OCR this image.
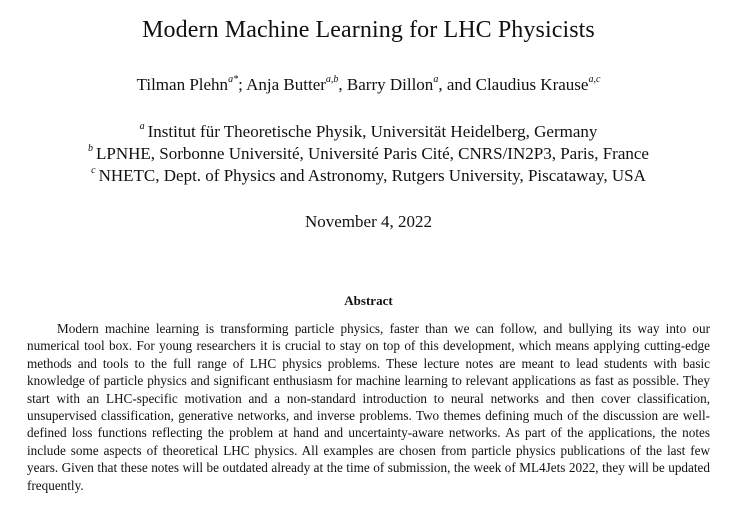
Modern Machine Learning for LHC Physicists
Tilman Plehn$^{a*}$; Anja Butter$^{a,b}$, Barry Dillon$^a$, and Claudius Krause$^{a,c}$
$^a$ Institut für Theoretische Physik, Universität Heidelberg, Germany
$^b$ LPNHE, Sorbonne Université, Université Paris Cité, CNRS/IN2P3, Paris, France
$^c$ NHETC, Dept. of Physics and Astronomy, Rutgers University, Piscataway, USA
November 4, 2022
Abstract

Modern machine learning is transforming particle physics, faster than we can follow, and bullying its way into our numerical tool box. For young researchers it is crucial to stay on top of this development, which means applying cutting-edge methods and tools to the full range of LHC physics problems. These lecture notes are meant to lead students with basic knowledge of particle physics and significant enthusiasm for machine learning to relevant applications as fast as possible. They start with an LHC-specific motivation and a non-standard introduction to neural networks and then cover classification, unsupervised classification, generative networks, and inverse problems. Two themes defining much of the discussion are well-defined loss functions reflecting the problem at hand and uncertainty-aware networks. As part of the applications, the notes include some aspects of theoretical LHC physics. All examples are chosen from particle physics publications of the last few years. Given that these notes will be outdated already at the time of submission, the week of ML4Jets 2022, they will be updated frequently.
